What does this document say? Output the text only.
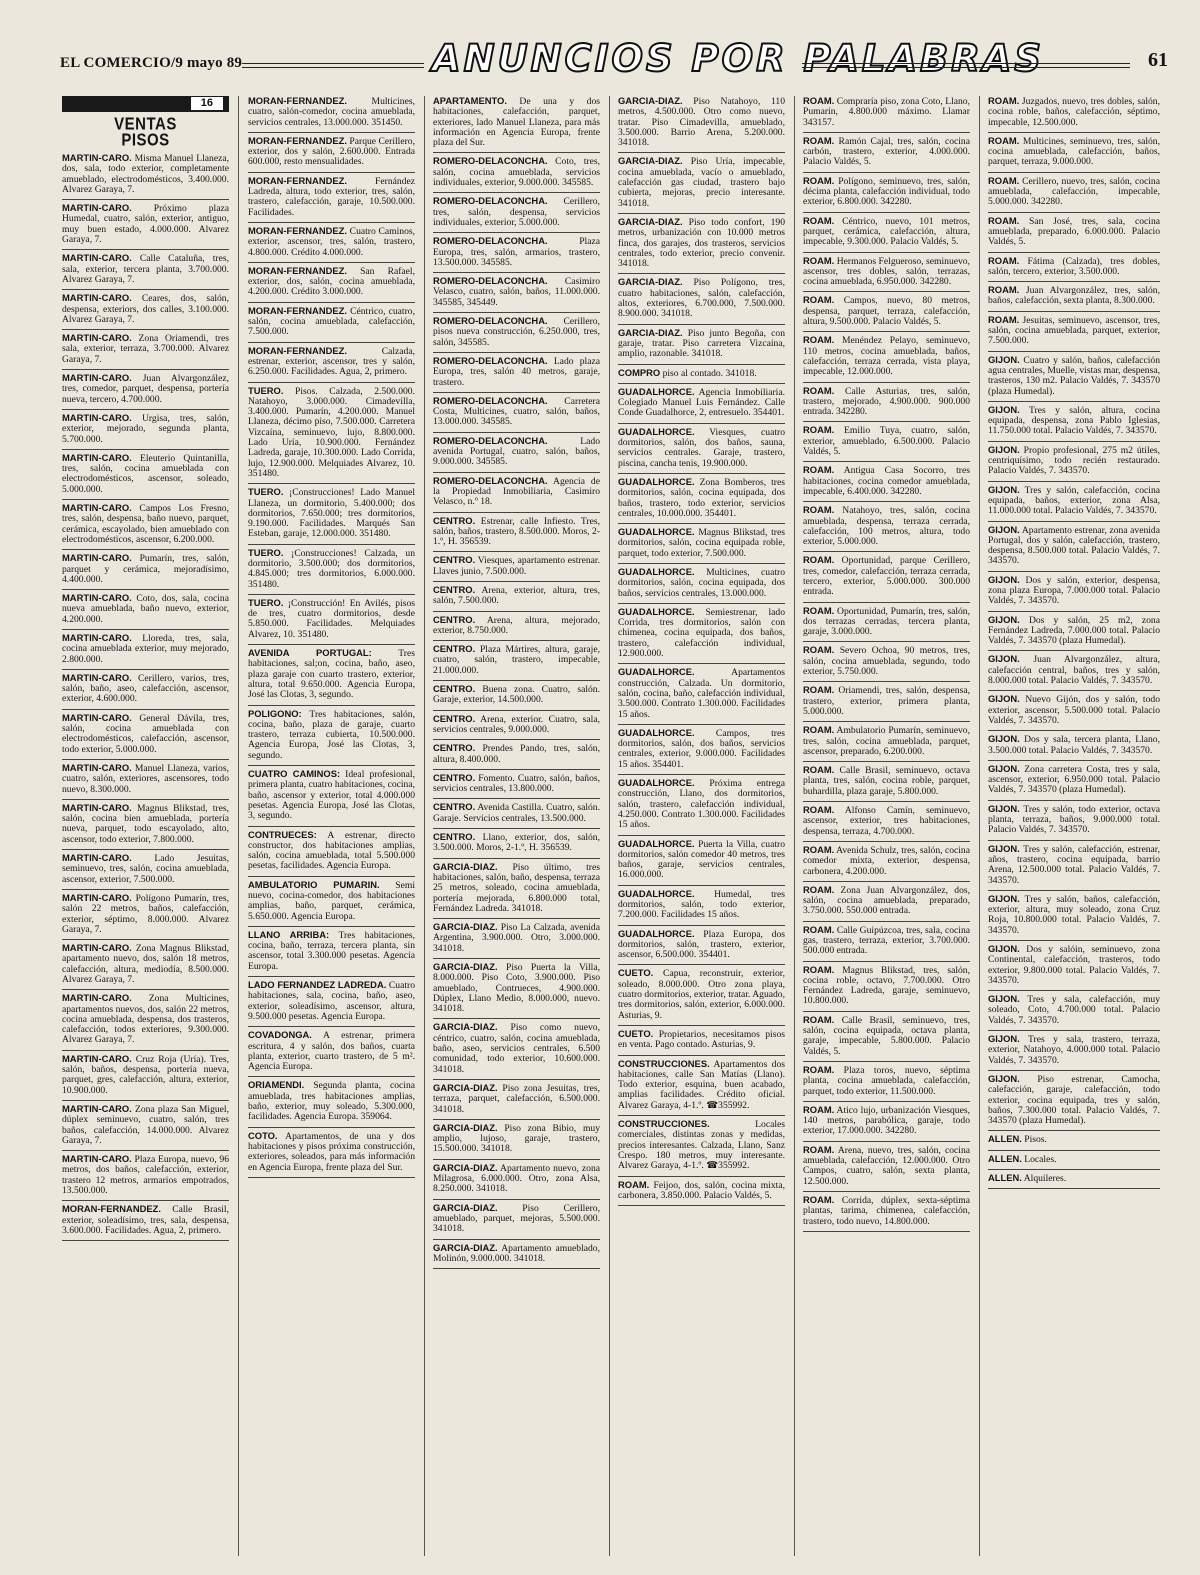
EL COMERCIO/9 mayo 89	ANUNCIOS POR PALABRAS	61
16
VENTAS
PISOS
MARTIN-CARO. Misma Manuel Llaneza, dos, sala, todo exterior, completamente amueblado, electrodomésticos, 3.400.000. Alvarez Garaya, 7.
MARTIN-CARO. Próximo plaza Humedal, cuatro, salón, exterior, antiguo, muy buen estado, 4.000.000. Alvarez Garaya, 7.
MARTIN-CARO. Calle Cataluña, tres, sala, exterior, tercera planta, 3.700.000. Alvarez Garaya, 7.
MARTIN-CARO. Ceares, dos, salón, despensa, exteriors, dos calles, 3.100.000. Alvarez Garaya, 7.
MARTIN-CARO. Zona Oriamendi, tres sala, exterior, terraza, 3.700.000. Alvarez Garaya, 7.
MARTIN-CARO. Juan Alvargonzález, tres, comedor, parquet, despensa, portería nueva, tercero, 4.700.000.
MARTIN-CARO. Urgisa, tres, salón, exterior, mejorado, segunda planta, 5.700.000.
MARTIN-CARO. Eleuterio Quintanilla, tres, salón, cocina amueblada con electrodomésticos, ascensor, soleado, 5.000.000.
MARTIN-CARO. Campos Los Fresno, tres, salón, despensa, baño nuevo, parquet, cerámica, escayolado, bien amueblado con electrodomésticos, ascensor, 6.200.000.
MARTIN-CARO. Pumarín, tres, salón, parquet y cerámica, mejoradísimo, 4.400.000.
MARTIN-CARO. Coto, dos, sala, cocina nueva amueblada, baño nuevo, exterior, 4.200.000.
MARTIN-CARO. Lloreda, tres, sala, cocina amueblada exterior, muy mejorado, 2.800.000.
MARTIN-CARO. Cerillero, varios, tres, salón, baño, aseo, calefacción, ascensor, exterior, 4.600.000.
MARTIN-CARO. General Dávila, tres, salón, cocina amueblada con electrodomésticos, calefacción, ascensor, todo exterior, 5.000.000.
MARTIN-CARO. Manuel Llaneza, varios, cuatro, salón, exteriores, ascensores, todo nuevo, 8.300.000.
MARTIN-CARO. Magnus Blikstad, tres, salón, cocina bien amueblada, portería nueva, parquet, todo escayolado, alto, ascensor, todo exterior, 7.800.000.
MARTIN-CARO. Lado Jesuitas, seminuevo, tres, salón, cocina amueblada, ascensor, exterior, 7.500.000.
MARTIN-CARO. Polígono Pumarín, tres, salón 22 metros, baños, calefacción, exterior, séptimo, 8.000.000. Alvarez Garaya, 7.
MARTIN-CARO. Zona Magnus Blikstad, apartamento nuevo, dos, salón 18 metros, calefacción, altura, mediodía, 8.500.000. Alvarez Garaya, 7.
MARTIN-CARO. Zona Multicines, apartamentos nuevos, dos, salón 22 metros, cocina amueblada, despensa, dos trasteros, calefacción, todos exteriores, 9.300.000. Alvarez Garaya, 7.
MARTIN-CARO. Cruz Roja (Uría). Tres, salón, baños, despensa, portería nueva, parquet, gres, calefacción, altura, exterior, 10.900.000.
MARTIN-CARO. Zona plaza San Miguel, dúplex seminuevo, cuatro, salón, tres baños, calefacción, 14.000.000. Alvarez Garaya, 7.
MARTIN-CARO. Plaza Europa, nuevo, 96 metros, dos baños, calefacción, exterior, trastero 12 metros, armarios empotrados, 13.500.000.
MORAN-FERNANDEZ. Calle Brasil, exterior, soleadísimo, tres, sala, despensa, 3.600.000. Facilidades. Agua, 2, primero.
MORAN-FERNANDEZ. Multicines, cuatro, salón-comedor, cocina amueblada, servicios centrales, 13.000.000. 351450.
MORAN-FERNANDEZ. Parque Cerillero, exterior, dos y salón, 2.600.000. Entrada 600.000, resto mensualidades.
MORAN-FERNANDEZ. Fernández Ladreda, altura, todo exterior, tres, salón, trastero, calefacción, garaje, 10.500.000. Facilidades.
MORAN-FERNANDEZ. Cuatro Caminos, exterior, ascensor, tres, salón, trastero, 4.800.000. Crédito 4.000.000.
MORAN-FERNANDEZ. San Rafael, exterior, dos, salón, cocina amueblada, 4.200.000. Crédito 3.000.000.
MORAN-FERNANDEZ. Céntrico, cuatro, salón, cocina amueblada, calefacción, 7.500.000.
MORAN-FERNANDEZ. Calzada, estrenar, exterior, ascensor, tres y salón, 6.250.000. Facilidades. Agua, 2, primero.
TUERO. Pisos. Calzada, 2.500.000. Natahoyo, 3.000.000. Cimadevilla, 3.400.000. Pumarín, 4.200.000. Manuel Llaneza, décimo piso, 7.500.000. Carretera Vizcaína, seminuevo, lujo, 8.800.000. Lado Uría, 10.900.000. Fernández Ladreda, garaje, 10.300.000. Lado Corrida, lujo, 12.900.000. Melquiades Alvarez, 10. 351480.
TUERO. ¡Construcciones! Lado Manuel Llaneza, un dormitorio, 5.400.000; dos dormitorios, 7.650.000; tres dormitorios, 9.190.000. Facilidades. Marqués San Esteban, garaje, 12.000.000. 351480.
TUERO. ¡Construcciones! Calzada, un dormitorio, 3.500.000; dos dormitorios, 4.845.000; tres dormitorios, 6.000.000. 351480.
TUERO. ¡Construcción! En Avilés, pisos de tres, cuatro dormitorios, desde 5.850.000. Facilidades. Melquiades Alvarez, 10. 351480.
AVENIDA PORTUGAL: Tres habitaciones, sal;on, cocina, baño, aseo, plaza garaje con cuarto trastero, exterior, altura, total 9.650.000. Agencia Europa, José las Clotas, 3, segundo.
POLIGONO: Tres habitaciones, salón, cocina, baño, plaza de garaje, cuarto trastero, terraza cubierta, 10.500.000. Agencia Europa, José las Clotas, 3, segundo.
CUATRO CAMINOS: Ideal profesional, primera planta, cuatro habitaciones, cocina, baño, ascensor y exterior, total 4.000.000 pesetas. Agencia Europa, José las Clotas, 3, segundo.
CONTRUECES: A estrenar, directo constructor, dos habitaciones amplias, salón, cocina amueblada, total 5.500.000 pesetas, facilidades. Agencia Europa.
AMBULATORIO PUMARIN. Semi nuevo, cocina-comedor, dos habitaciones amplias, baño, parquet, cerámica, 5.650.000. Agencia Europa.
LLANO ARRIBA: Tres habitaciones, cocina, baño, terraza, tercera planta, sin ascensor, total 3.300.000 pesetas. Agencia Europa.
LADO FERNANDEZ LADREDA. Cuatro habitaciones, sala, cocina, baño, aseo, exterior, soleadísimo, ascensor, altura, 9.500.000 pesetas. Agencia Europa.
COVADONGA. A estrenar, primera escritura, 4 y salón, dos baños, cuarta planta, exterior, cuarto trastero, de 5 m². Agencia Europa.
ORIAMENDI. Segunda planta, cocina amueblada, tres habitaciones amplias, baño, exterior, muy soleado, 5.300.000, facilidades. Agencia Europa. 359064.
COTO. Apartamentos, de una y dos habitaciones y pisos próxima construcción, exteriores, soleados, para más información en Agencia Europa, frente plaza del Sur.
APARTAMENTO. De una y dos habitaciones, calefacción, parquet, exteriores, lado Manuel Llaneza, para más información en Agencia Europa, frente plaza del Sur.
ROMERO-DELACONCHA. Coto, tres, salón, cocina amueblada, servicios individuales, exterior, 9.000.000. 345585.
ROMERO-DELACONCHA. Cerillero, tres, salón, despensa, servicios individuales, exterior, 5.000.000.
ROMERO-DELACONCHA. Plaza Europa, tres, salón, armarios, trastero, 13.500.000. 345585.
ROMERO-DELACONCHA. Casimiro Velasco, cuatro, salón, baños, 11.000.000. 345585, 345449.
ROMERO-DELACONCHA. Cerillero, pisos nueva construcción, 6.250.000, tres, salón, 345585.
ROMERO-DELACONCHA. Lado plaza Europa, tres, salón 40 metros, garaje, trastero.
ROMERO-DELACONCHA. Carretera Costa, Multicines, cuatro, salón, baños, 13.000.000. 345585.
ROMERO-DELACONCHA. Lado avenida Portugal, cuatro, salón, baños, 9.000.000. 345585.
ROMERO-DELACONCHA. Agencia de la Propiedad Inmobiliaria, Casimiro Velasco, n.º 18.
CENTRO. Estrenar, calle Infiesto. Tres, salón, baños, trastero, 8.500.000. Moros, 2-1.º, H. 356539.
CENTRO. Viesques, apartamento estrenar. Llaves junio, 7.500.000.
CENTRO. Arena, exterior, altura, tres, salón, 7.500.000.
CENTRO. Arena, altura, mejorado, exterior, 8.750.000.
CENTRO. Plaza Mártires, altura, garaje, cuatro, salón, trastero, impecable, 21.000.000.
CENTRO. Buena zona. Cuatro, salón. Garaje, exterior, 14.500.000.
CENTRO. Arena, exterior. Cuatro, sala, servicios centrales, 9.000.000.
CENTRO. Prendes Pando, tres, salón, altura, 8.400.000.
CENTRO. Fomento. Cuatro, salón, baños, servicios centrales, 13.800.000.
CENTRO. Avenida Castilla. Cuatro, salón. Garaje. Servicios centrales, 13.500.000.
CENTRO. Llano, exterior, dos, salón, 3.500.000. Moros, 2-1.º, H. 356539.
GARCIA-DIAZ. Piso último, tres habitaciones, salón, baño, despensa, terraza 25 metros, soleado, cocina amueblada, portería mejorada, 6.800.000 total, Fernández Ladreda. 341018.
GARCIA-DIAZ. Piso La Calzada, avenida Argentina, 3.900.000. Otro, 3.000.000. 341018.
GARCIA-DIAZ. Piso Puerta la Villa, 8.000.000. Piso Coto, 3.900.000. Piso amueblado, Contrueces, 4.900.000. Dúplex, Llano Medio, 8.000.000, nuevo. 341018.
GARCIA-DIAZ. Piso como nuevo, céntrico, cuatro, salón, cocina amueblada, baño, aseo, servicios centrales, 6.500 comunidad, todo exterior, 10.600.000. 341018.
GARCIA-DIAZ. Piso zona Jesuitas, tres, terraza, parquet, calefacción, 6.500.000. 341018.
GARCIA-DIAZ. Piso zona Bibio, muy amplio, lujoso, garaje, trastero, 15.500.000. 341018.
GARCIA-DIAZ. Apartamento nuevo, zona Milagrosa, 6.000.000. Otro, zona Alsa, 8.250.000. 341018.
GARCIA-DIAZ. Piso Cerillero, amueblado, parquet, mejoras, 5.500.000. 341018.
GARCIA-DIAZ. Apartamento amueblado, Molinón, 9.000.000. 341018.
GARCIA-DIAZ. Piso Natahoyo, 110 metros, 4.500.000. Otro como nuevo, tratar. Piso Cimadevilla, amueblado, 3.500.000. Barrio Arena, 5.200.000. 341018.
GARCIA-DIAZ. Piso Uría, impecable, cocina amueblada, vacío o amueblado, calefacción gas ciudad, trastero bajo cubierta, mejoras, precio interesante. 341018.
GARCIA-DIAZ. Piso todo confort, 190 metros, urbanización con 10.000 metros finca, dos garajes, dos trasteros, servicios centrales, todo exterior, precio convenir. 341018.
GARCIA-DIAZ. Piso Polígono, tres, cuatro habitaciones, salón, calefacción, altos, exteriores, 6.700.000, 7.500.000. 8.900.000. 341018.
GARCIA-DIAZ. Piso junto Begoña, con garaje, tratar. Piso carretera Vizcaína, amplio, razonable. 341018.
COMPRO piso al contado. 341018.
GUADALHORCE. Agencia Inmobiliaria. Colegiado Manuel Luis Fernández. Calle Conde Guadalhorce, 2, entresuelo. 354401.
GUADALHORCE. Viesques, cuatro dormitorios, salón, dos baños, sauna, servicios centrales. Garaje, trastero, piscina, cancha tenis, 19.900.000.
GUADALHORCE. Zona Bomberos, tres dormitorios, salón, cocina equipada, dos baños, trastero, todo exterior, servicios centrales, 10.000.000. 354401.
GUADALHORCE. Magnus Blikstad, tres dormitorios, salón, cocina equipada roble, parquet, todo exterior, 7.500.000.
GUADALHORCE. Multicines, cuatro dormitorios, salón, cocina equipada, dos baños, servicios centrales, 13.000.000.
GUADALHORCE. Semiestrenar, lado Corrida, tres dormitorios, salón con chimenea, cocina equipada, dos baños, trastero, calefacción individual, 12.900.000.
GUADALHORCE. Apartamentos construcción, Calzada. Un dormitorio, salón, cocina, baño, calefacción individual, 3.500.000. Contrato 1.300.000. Facilidades 15 años.
GUADALHORCE. Campos, tres dormitorios, salón, dos baños, servicios centrales, exterior, 9.000.000. Facilidades 15 años. 354401.
GUADALHORCE. Próxima entrega construcción, Llano, dos dormitorios, salón, trastero, calefacción individual, 4.250.000. Contrato 1.300.000. Facilidades 15 años.
GUADALHORCE. Puerta la Villa, cuatro dormitorios, salón comedor 40 metros, tres baños, garaje, servicios centrales, 16.000.000.
GUADALHORCE. Humedal, tres dormitorios, salón, todo exterior, 7.200.000. Facilidades 15 años.
GUADALHORCE. Plaza Europa, dos dormitorios, salón, trastero, exterior, ascensor, 6.500.000. 354401.
CUETO. Capua, reconstruir, exterior, soleado, 8.000.000. Otro zona playa, cuatro dormitorios, exterior, tratar. Aguado, tres dormitorios, salón, exterior, 6.000.000. Asturias, 9.
CUETO. Propietarios, necesitamos pisos en venta. Pago contado. Asturias, 9.
CONSTRUCCIONES. Apartamentos dos habitaciones, calle San Matías (Llano). Todo exterior, esquina, buen acabado, amplias facilidades. Crédito oficial. Alvarez Garaya, 4-1.º. ☎355992.
CONSTRUCCIONES. Locales comerciales, distintas zonas y medidas, precios interesantes. Calzada, Llano, Sanz Crespo. 180 metros, muy interesante. Alvarez Garaya, 4-1.º. ☎355992.
ROAM. Feijoo, dos, salón, cocina mixta, carbonera, 3.850.000. Palacio Valdés, 5.
ROAM. Compraría piso, zona Coto, Llano, Pumarín, 4.800.000 máximo. Llamar 343157.
ROAM. Ramón Cajal, tres, salón, cocina carbón, trastero, exterior, 4.000.000. Palacio Valdés, 5.
ROAM. Polígono, seminuevo, tres, salón, décima planta, calefacción individual, todo exterior, 6.800.000. 342280.
ROAM. Céntrico, nuevo, 101 metros, parquet, cerámica, calefacción, altura, impecable, 9.300.000. Palacio Valdés, 5.
ROAM. Hermanos Felgueroso, seminuevo, ascensor, tres dobles, salón, terrazas, cocina amueblada, 6.950.000. 342280.
ROAM. Campos, nuevo, 80 metros, despensa, parquet, terraza, calefacción, altura, 9.500.000. Palacio Valdés, 5.
ROAM. Menéndez Pelayo, seminuevo, 110 metros, cocina amueblada, baños, calefacción, terraza cerrada, vista playa, impecable, 12.000.000.
ROAM. Calle Asturias, tres, salón, trastero, mejorado, 4.900.000. 900.000 entrada. 342280.
ROAM. Emilio Tuya, cuatro, salón, exterior, amueblado, 6.500.000. Palacio Valdés, 5.
ROAM. Antigua Casa Socorro, tres habitaciones, cocina comedor amueblada, impecable, 6.400.000. 342280.
ROAM. Natahoyo, tres, salón, cocina amueblada, despensa, terraza cerrada, calefacción, 100 metros, altura, todo exterior, 5.000.000.
ROAM. Oportunidad, parque Cerillero, tres, comedor, calefacción, terraza cerrada, tercero, exterior, 5.000.000. 300.000 entrada.
ROAM. Oportunidad, Pumarín, tres, salón, dos terrazas cerradas, tercera planta, garaje, 3.000.000.
ROAM. Severo Ochoa, 90 metros, tres, salón, cocina amueblada, segundo, todo exterior, 5.750.000.
ROAM. Oriamendi, tres, salón, despensa, trastero, exterior, primera planta, 5.000.000.
ROAM. Ambulatorio Pumarín, seminuevo, tres, salón, cocina amueblada, parquet, ascensor, preparado, 6.200.000.
ROAM. Calle Brasil, seminuevo, octava planta, tres, salón, cocina roble, parquet, buhardilla, plaza garaje, 5.800.000.
ROAM. Alfonso Camín, seminuevo, ascensor, exterior, tres habitaciones, despensa, terraza, 4.700.000.
ROAM. Avenida Schulz, tres, salón, cocina comedor mixta, exterior, despensa, carbonera, 4.200.000.
ROAM. Zona Juan Alvargonzález, dos, salón, cocina amueblada, preparado, 3.750.000. 550.000 entrada.
ROAM. Calle Guipúzcoa, tres, sala, cocina gas, trastero, terraza, exterior, 3.700.000. 500.000 entrada.
ROAM. Magnus Blikstad, tres, salón, cocina roble, octavo, 7.700.000. Otro Fernández Ladreda, garaje, seminuevo, 10.800.000.
ROAM. Calle Brasil, seminuevo, tres, salón, cocina equipada, octava planta, garaje, impecable, 5.800.000. Palacio Valdés, 5.
ROAM. Plaza toros, nuevo, séptima planta, cocina amueblada, calefacción, parquet, todo exterior, 11.500.000.
ROAM. Atico lujo, urbanización Viesques, 140 metros, parabólica, garaje, todo exterior, 17.000.000. 342280.
ROAM. Arena, nuevo, tres, salón, cocina amueblada, calefacción, 12.000.000. Otro Campos, cuatro, salón, sexta planta, 12.500.000.
ROAM. Corrida, dúplex, sexta-séptima plantas, tarima, chimenea, calefacción, trastero, todo nuevo, 14.800.000.
ROAM. Juzgados, nuevo, tres dobles, salón, cocina roble, baños, calefacción, séptimo, impecable, 12.500.000.
ROAM. Multicines, seminuevo, tres, salón, cocina amueblada, calefacción, baños, parquet, terraza, 9.000.000.
ROAM. Cerillero, nuevo, tres, salón, cocina amueblada, calefacción, impecable, 5.000.000. 342280.
ROAM. San José, tres, sala, cocina amueblada, preparado, 6.000.000. Palacio Valdés, 5.
ROAM. Fátima (Calzada), tres dobles, salón, tercero, exterior, 3.500.000.
ROAM. Juan Alvargonzález, tres, salón, baños, calefacción, sexta planta, 8.300.000.
ROAM. Jesuitas, seminuevo, ascensor, tres, salón, cocina amueblada, parquet, exterior, 7.500.000.
GIJON. Cuatro y salón, baños, calefacción agua centrales, Muelle, vistas mar, despensa, trasteros, 130 m2. Palacio Valdés, 7. 343570 (plaza Humedal).
GIJON. Tres y salón, altura, cocina equipada, despensa, zona Pablo Iglesias, 11.750.000 total. Palacio Valdés, 7. 343570.
GIJON. Propio profesional, 275 m2 útiles, centriquísimo, todo recién restaurado. Palacio Valdés, 7. 343570.
GIJON. Tres y salón, calefacción, cocina equipada, baños, exterior, zona Alsa, 11.000.000 total. Palacio Valdés, 7. 343570.
GIJON. Apartamento estrenar, zona avenida Portugal, dos y salón, calefacción, trastero, despensa, 8.500.000 total. Palacio Valdés, 7. 343570.
GIJON. Dos y salón, exterior, despensa, zona plaza Europa, 7.000.000 total. Palacio Valdés, 7. 343570.
GIJON. Dos y salón, 25 m2, zona Fernández Ladreda, 7.000.000 total. Palacio Valdés, 7. 343570 (plaza Humedal).
GIJON. Juan Alvargonzález, altura, calefacción central, baños, tres y salón, 8.000.000 total. Palacio Valdés, 7. 343570.
GIJON. Nuevo Gijón, dos y salón, todo exterior, ascensor, 5.500.000 total. Palacio Valdés, 7. 343570.
GIJON. Dos y sala, tercera planta, Llano, 3.500.000 total. Palacio Valdés, 7. 343570.
GIJON. Zona carretera Costa, tres y sala, ascensor, exterior, 6.950.000 total. Palacio Valdés, 7. 343570 (plaza Humedal).
GIJON. Tres y salón, todo exterior, octava planta, terraza, baños, 9.000.000 total. Palacio Valdés, 7. 343570.
GIJON. Tres y salón, calefacción, estrenar, años, trastero, cocina equipada, barrio Arena, 12.500.000 total. Palacio Valdés, 7. 343570.
GIJON. Tres y salón, baños, calefacción, exterior, altura, muy soleado, zona Cruz Roja, 10.800.000 total. Palacio Valdés, 7. 343570.
GIJON. Dos y salóin, seminuevo, zona Continental, calefacción, trasteros, todo exterior, 9.800.000 total. Palacio Valdés, 7. 343570.
GIJON. Tres y sala, calefacción, muy soleado, Coto, 4.700.000 total. Palacio Valdés, 7. 343570.
GIJON. Tres y sala, trastero, terraza, exterior, Natahoyo, 4.000.000 total. Palacio Valdés, 7. 343570.
GIJON. Piso estrenar, Camocha, calefacción, garaje, calefacción, todo exterior, cocina equipada, tres y salón, baños, 7.300.000 total. Palacio Valdés, 7. 343570 (plaza Humedal).
ALLEN. Pisos.
ALLEN. Locales.
ALLEN. Alquileres.
